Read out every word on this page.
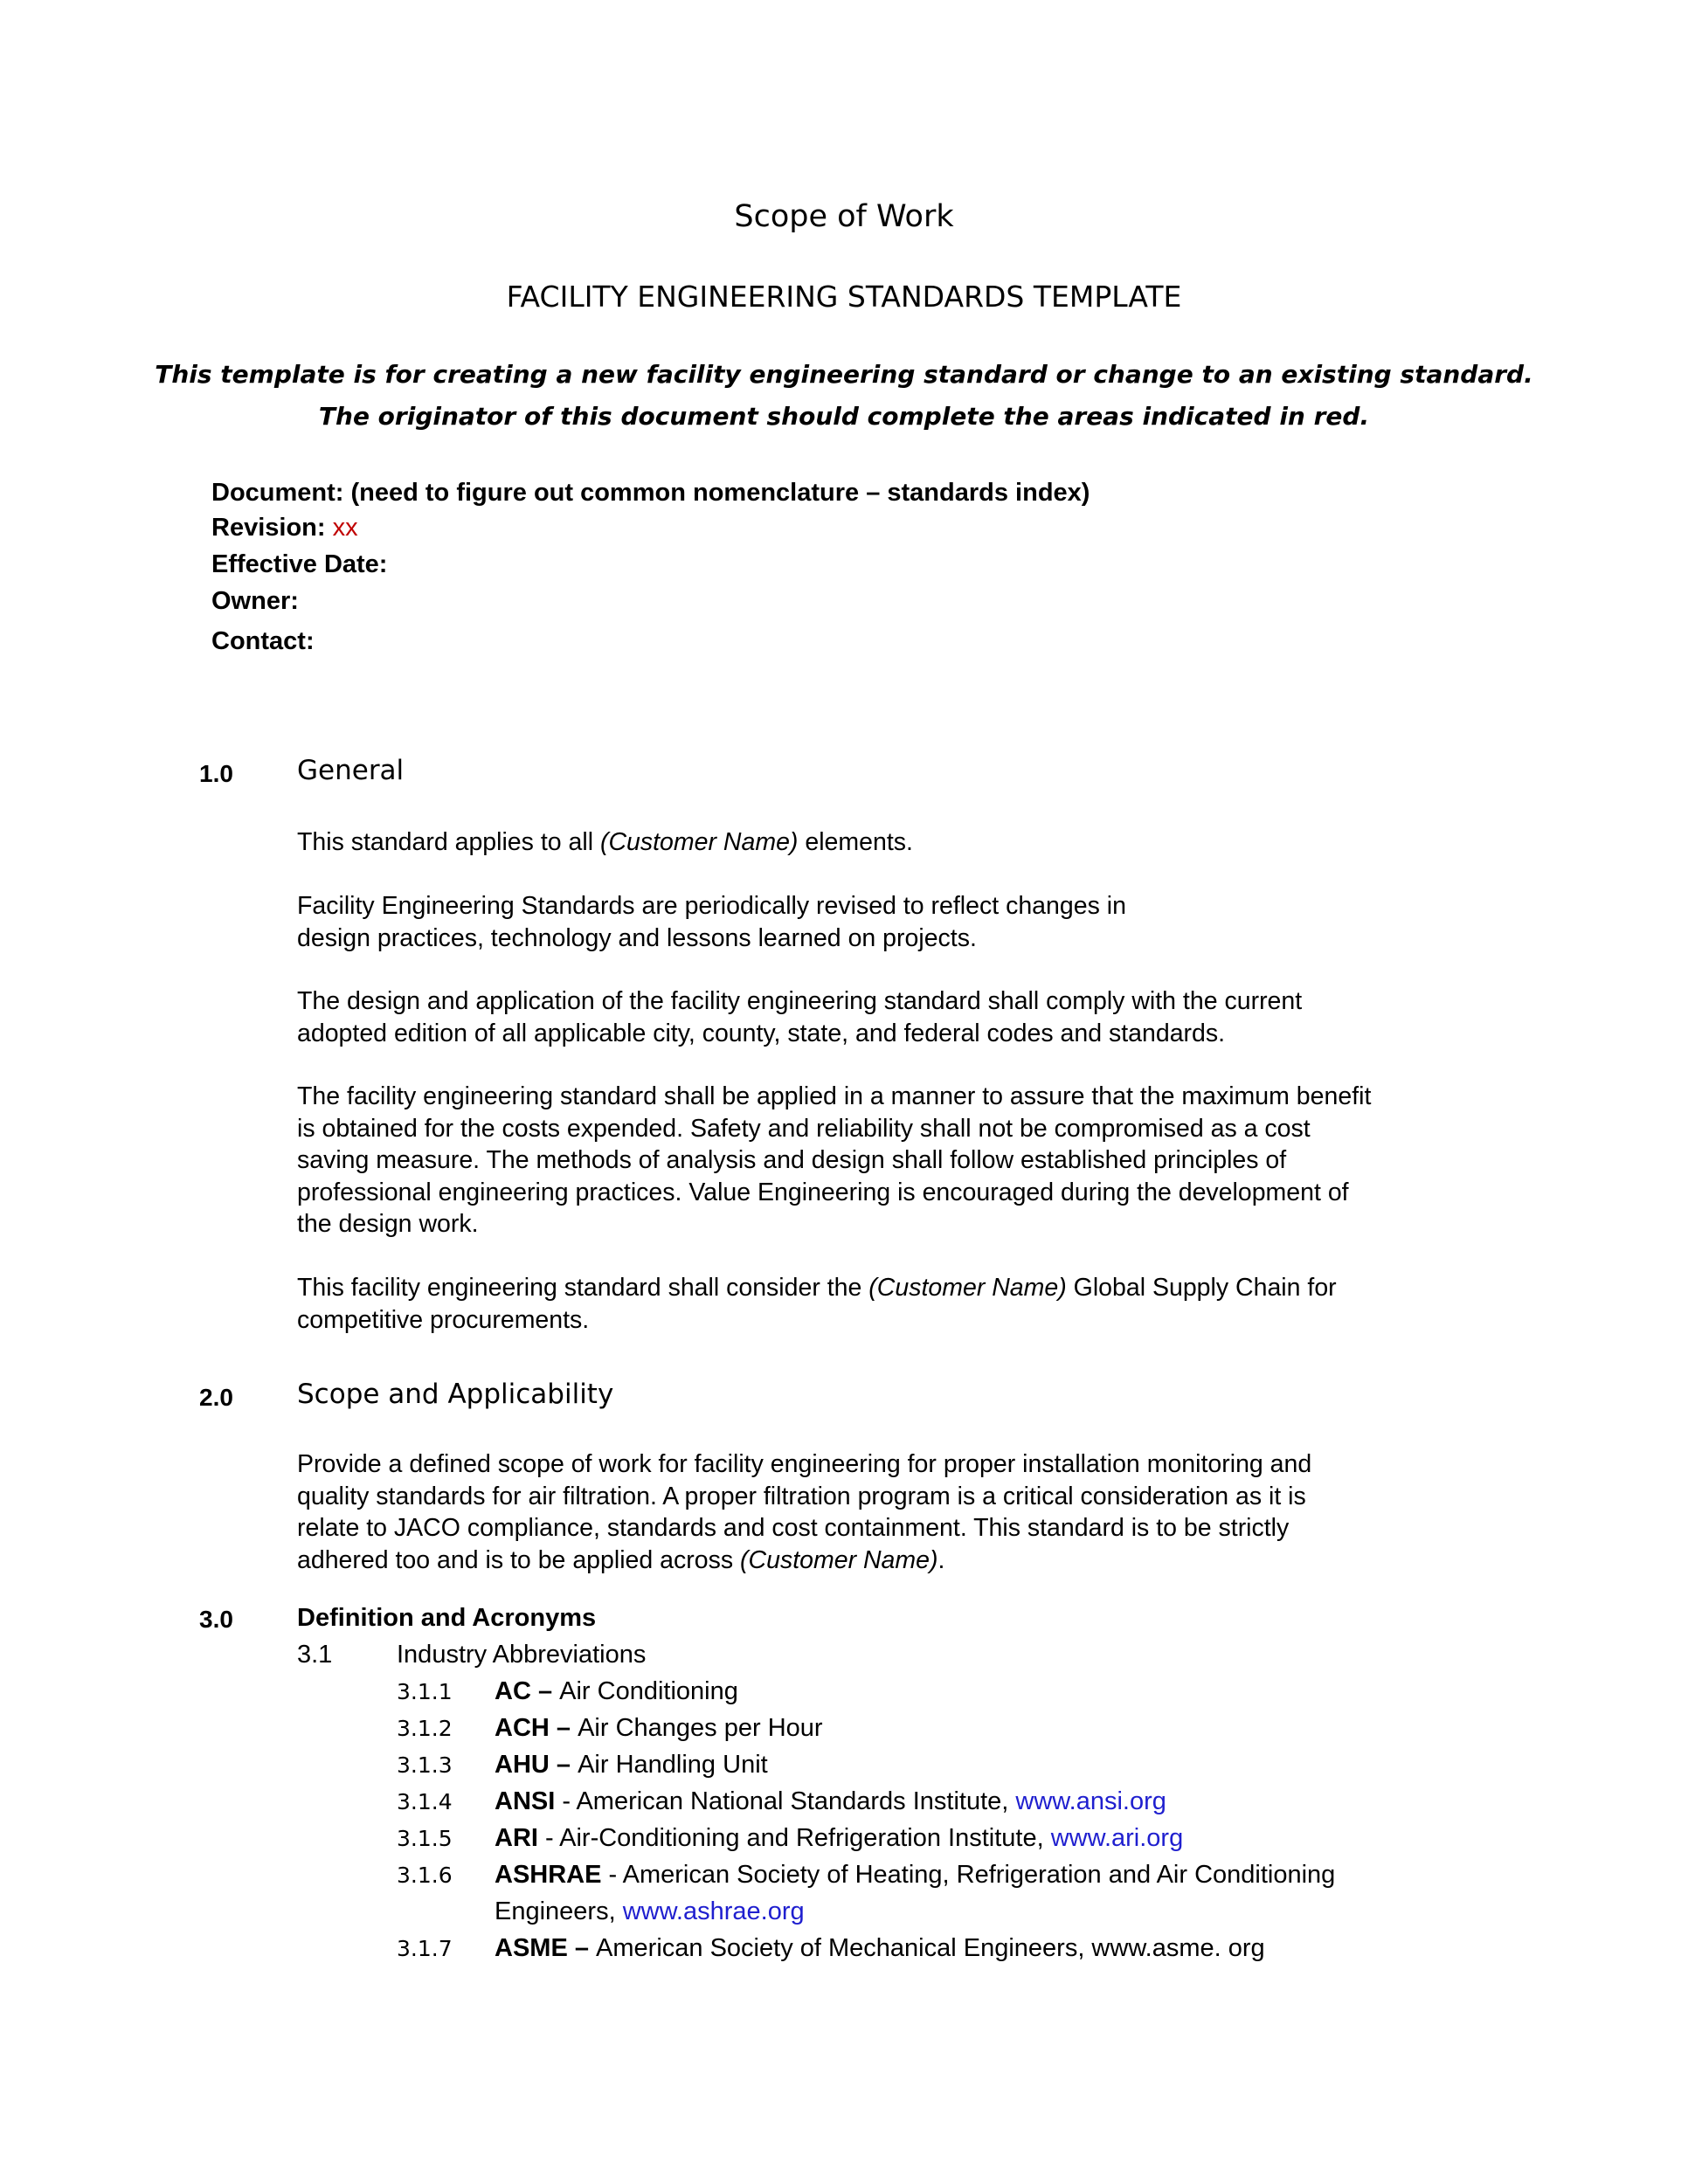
Scope of Work
FACILITY ENGINEERING STANDARDS TEMPLATE
This template is for creating a new facility engineering standard or change to an existing standard.
The originator of this document should complete the areas indicated in red.
Document: (need to figure out common nomenclature – standards index)
Revision: xx
Effective Date:
Owner:
Contact:
1.0 General
This standard applies to all (Customer Name) elements.
Facility Engineering Standards are periodically revised to reflect changes in
design practices, technology and lessons learned on projects.
The design and application of the facility engineering standard shall comply with the current
adopted edition of all applicable city, county, state, and federal codes and standards.
The facility engineering standard shall be applied in a manner to assure that the maximum benefit
is obtained for the costs expended. Safety and reliability shall not be compromised as a cost
saving measure. The methods of analysis and design shall follow established principles of
professional engineering practices. Value Engineering is encouraged during the development of
the design work.
This facility engineering standard shall consider the (Customer Name) Global Supply Chain for
competitive procurements.
2.0 Scope and Applicability
Provide a defined scope of work for facility engineering for proper installation monitoring and
quality standards for air filtration. A proper filtration program is a critical consideration as it is
relate to JACO compliance, standards and cost containment. This standard is to be strictly
adhered too and is to be applied across (Customer Name).
3.0	Definition and Acronyms
3.1	Industry Abbreviations
3.1.1 AC – Air Conditioning
3.1.2 ACH – Air Changes per Hour
3.1.3 AHU – Air Handling Unit
3.1.4 ANSI - American National Standards Institute, www.ansi.org
3.1.5 ARI - Air-Conditioning and Refrigeration Institute, www.ari.org
3.1.6 ASHRAE - American Society of Heating, Refrigeration and Air Conditioning
Engineers, www.ashrae.org
3.1.7 ASME – American Society of Mechanical Engineers, www.asme. org
